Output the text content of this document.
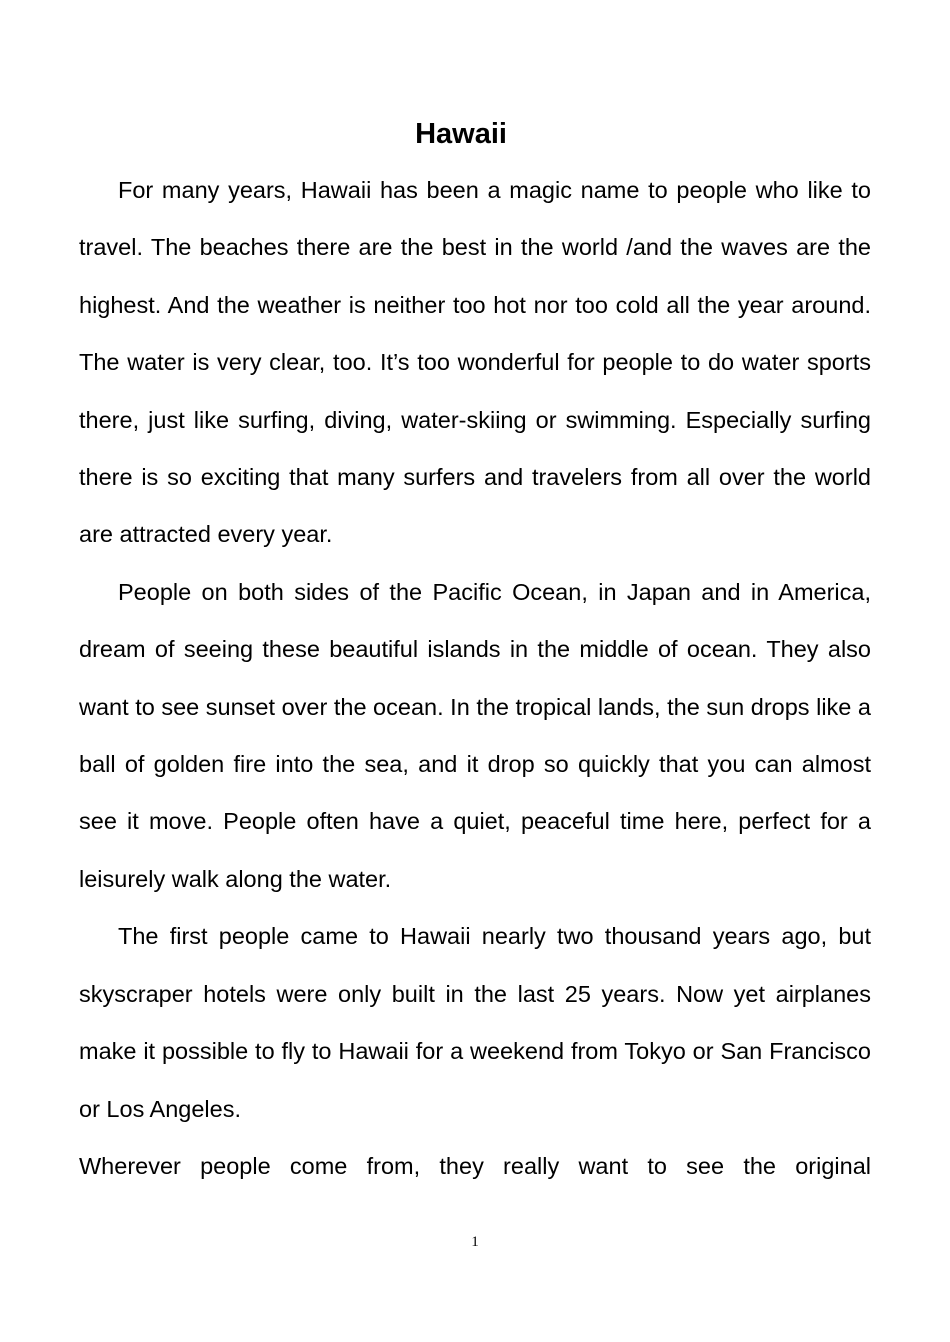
Hawaii

For many years, Hawaii has been a magic name to people who like to travel. The beaches there are the best in the world /and the waves are the highest. And the weather is neither too hot nor too cold all the year around. The water is very clear, too. It’s too wonderful for people to do water sports there, just like surfing, diving, water-skiing or swimming. Especially surfing there is so exciting that many surfers and travelers from all over the world are attracted every year.

People on both sides of the Pacific Ocean, in Japan and in America, dream of seeing these beautiful islands in the middle of ocean. They also want to see sunset over the ocean. In the tropical lands, the sun drops like a ball of golden fire into the sea, and it drop so quickly that you can almost see it move. People often have a quiet, peaceful time here, perfect for a leisurely walk along the water.

The first people came to Hawaii nearly two thousand years ago, but skyscraper hotels were only built in the last 25 years. Now yet airplanes make it possible to fly to Hawaii for a weekend from Tokyo or San Francisco or Los Angeles.

Wherever people come from, they really want to see the original

1
